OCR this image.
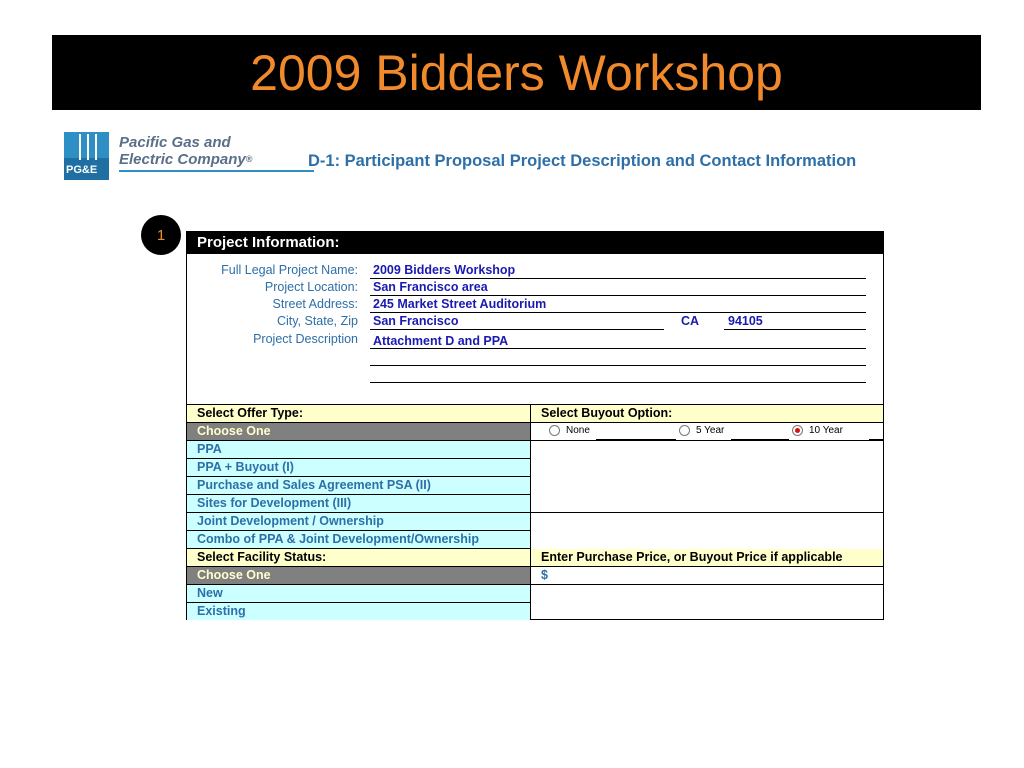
2009 Bidders Workshop
Pacific Gas and
Electric Company®
PG&E	D-1: Participant Proposal Project Description and Contact Information
1	Project Information:
Full Legal Project Name: 2009 Bidders Workshop
Project Location: San Francisco area
Street Address: 245 Market Street Auditorium
City, State, Zip San Francisco	CA 94105
Project Description Attachment D and PPA
Select Offer Type:
Choose One
PPA
PPA + Buyout (I)
Purchase and Sales Agreement PSA (II)
Sites for Development (III)
Joint Development / Ownership
Combo of PPA & Joint Development/Ownership
Select Facility Status:
Choose One
New
Existing
Select Buyout Option:
None	5 Year	10 Year
Enter Purchase Price, or Buyout Price if applicable
$
